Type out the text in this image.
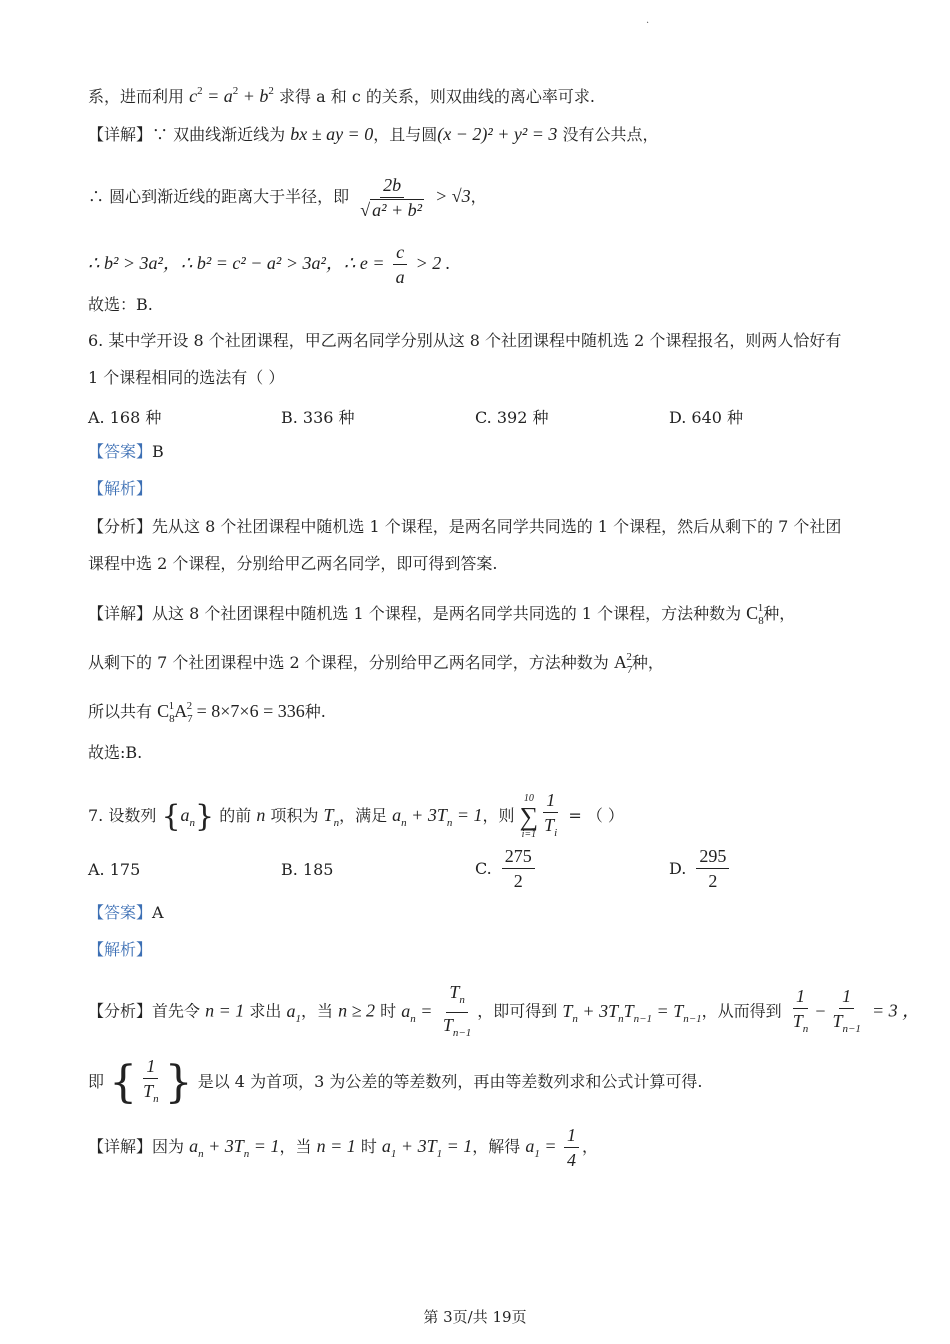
·
系，进而利用 $c^2 = a^2 + b^2$ 求得 a 和 c 的关系，则双曲线的离心率可求.
【详解】∵ 双曲线渐近线为 bx ± ay = 0，且与圆(x − 2)² + y² = 3 没有公共点，
∴ 圆心到渐近线的距离大于半径，即 $\frac{2b}{\text{√ a² + b²}} > √3$，
∴ b² > 3a²，∴ b² = c² − a² > 3a²，∴ $e = \frac{c}{a} > 2$ .
故选：B.
6. 某中学开设 8 个社团课程，甲乙两名同学分别从这 8 个社团课程中随机选 2 个课程报名，则两人恰好有
1 个课程相同的选法有（ ）
A. 168 种	B. 336 种	C. 392 种	D. 640 种
【答案】B
【解析】
【分析】先从这 8 个社团课程中随机选 1 个课程，是两名同学共同选的 1 个课程，然后从剩下的 7 个社团
课程中选 2 个课程，分别给甲乙两名同学，即可得到答案.
【详解】从这 8 个社团课程中随机选 1 个课程，是两名同学共同选的 1 个课程，方法种数为 $C_8^1$种，
从剩下的 7 个社团课程中选 2 个课程，分别给甲乙两名同学，方法种数为 $A_7^2$种，
所以共有 $C_8^1A_7^2 = 8\times 7\times 6 = 336$种.
故选:B.
7. 设数列 $\{a_n\}$ 的前 n 项积为 $T_n$，满足 $a_n + 3T_n = 1$，则
10
∑
$i=1 \frac{1}{T_i}$ = （ ）
A. 175	B. 185	C. $\frac{275}{2}$	D. $\frac{295}{2}$
【答案】A
【解析】
【分析】首先令 n = 1 求出 $a_1$，当 n ≥ 2 时 $a_n = \frac{T_n}{T_{n-1}}$ ，即可得到 $T_n + 3T_nT_{n-1} = T_{n-1}$，从而得到 $\frac{1}{T_n} - \frac{1}{T_{n-1}} = 3$ ，
即 { $\frac{1}{T_n}$ } 是以 4 为首项，3 为公差的等差数列，再由等差数列求和公式计算可得.
【详解】因为 $a_n + 3T_n = 1$，当 n = 1 时 $a_1 + 3T_1 = 1$，解得 $a_1 = \frac{1}{4}$ ，
第 3页/共 19页
